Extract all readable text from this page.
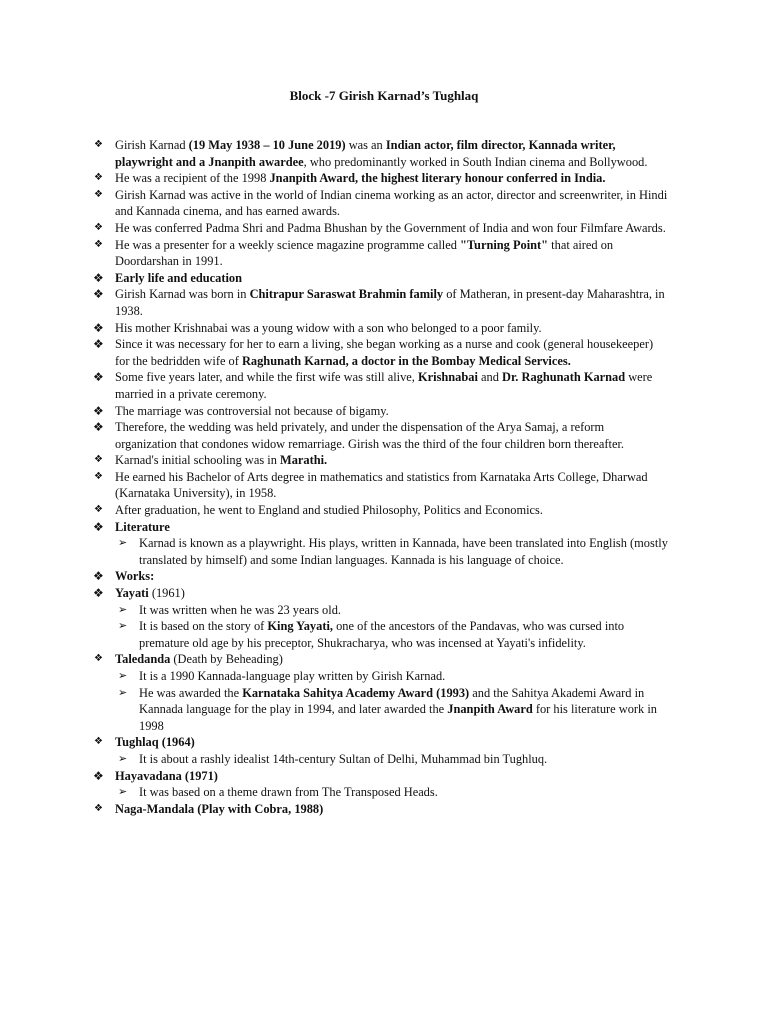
Block -7 Girish Karnad’s Tughlaq
❖ Girish Karnad (19 May 1938 – 10 June 2019) was an Indian actor, film director, Kannada writer, playwright and a Jnanpith awardee, who predominantly worked in South Indian cinema and Bollywood.
❖ He was a recipient of the 1998 Jnanpith Award, the highest literary honour conferred in India.
❖ Girish Karnad was active in the world of Indian cinema working as an actor, director and screenwriter, in Hindi and Kannada cinema, and has earned awards.
❖ He was conferred Padma Shri and Padma Bhushan by the Government of India and won four Filmfare Awards.
❖ He was a presenter for a weekly science magazine programme called "Turning Point" that aired on Doordarshan in 1991.
❖ Early life and education
❖ Girish Karnad was born in Chitrapur Saraswat Brahmin family of Matheran, in present-day Maharashtra, in 1938.
❖ His mother Krishnabai was a young widow with a son who belonged to a poor family.
❖ Since it was necessary for her to earn a living, she began working as a nurse and cook (general housekeeper) for the bedridden wife of Raghunath Karnad, a doctor in the Bombay Medical Services.
❖ Some five years later, and while the first wife was still alive, Krishnabai and Dr. Raghunath Karnad were married in a private ceremony.
❖ The marriage was controversial not because of bigamy.
❖ Therefore, the wedding was held privately, and under the dispensation of the Arya Samaj, a reform organization that condones widow remarriage. Girish was the third of the four children born thereafter.
❖ Karnad's initial schooling was in Marathi.
❖ He earned his Bachelor of Arts degree in mathematics and statistics from Karnataka Arts College, Dharwad (Karnataka University), in 1958.
❖ After graduation, he went to England and studied Philosophy, Politics and Economics.
❖ Literature
➢ Karnad is known as a playwright. His plays, written in Kannada, have been translated into English (mostly translated by himself) and some Indian languages. Kannada is his language of choice.
❖ Works:
❖ Yayati (1961)
➢ It was written when he was 23 years old.
➢ It is based on the story of King Yayati, one of the ancestors of the Pandavas, who was cursed into premature old age by his preceptor, Shukracharya, who was incensed at Yayati's infidelity.
❖ Taledanda (Death by Beheading)
➢ It is a 1990 Kannada-language play written by Girish Karnad.
➢ He was awarded the Karnataka Sahitya Academy Award (1993) and the Sahitya Akademi Award in Kannada language for the play in 1994, and later awarded the Jnanpith Award for his literature work in 1998
❖ Tughlaq (1964)
➢ It is about a rashly idealist 14th-century Sultan of Delhi, Muhammad bin Tughluq.
❖ Hayavadana (1971)
➢ It was based on a theme drawn from The Transposed Heads.
❖ Naga-Mandala (Play with Cobra, 1988)
